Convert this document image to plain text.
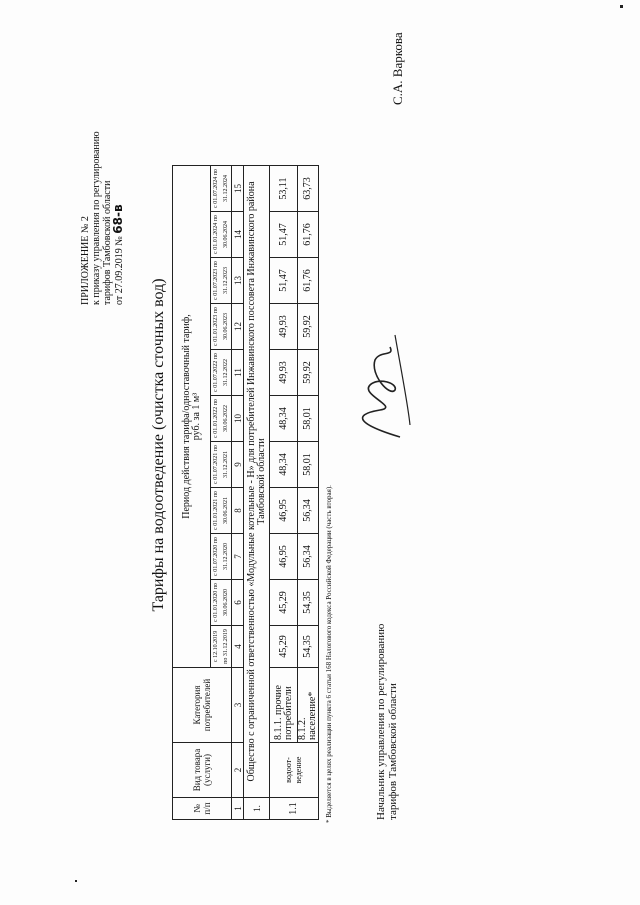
ПРИЛОЖЕНИЕ № 2 к приказу управления по регулированию тарифов Тамбовской области от 27.09.2019 № 68-в
Тарифы на водоотведение (очистка сточных вод)
№ п/п	Вид товара (услуги)	Категория потребителей	Период действия тарифа/одноставочный тариф, руб. за 1 м³										

			с 12.10.2019 по 31.12.2019	с 01.01.2020 по 30.06.2020	с 01.07.2020 по 31.12.2020	с 01.01.2021 по 30.06.2021	с 01.07.2021 по 31.12.2021	с 01.01.2022 по 30.06.2022	с 01.07.2022 по 31.12.2022	с 01.01.2023 по 30.06.2023	с 01.07.2023 по 31.12.2023	с 01.01.2024 по 30.06.2024	с 01.07.2024 по 31.12.2024
1	2	3	4	6	7	8	9	10	11	12	13	14	15
1.	Общество с ограниченной ответственностью «Модульные котельные - Н» для потребителей Инжавинского поссовета Инжавинского района Тамбовской области												
1.1	водоот- ведение	8.1.1. прочие потребители	45,29	45,29	46,95	46,95	48,34	48,34	49,93	49,93	51,47	51,47	53,11
		8.1.2. население*	54,35	54,35	56,34	56,34	58,01	58,01	59,92	59,92	61,76	61,76	63,73
* Выделяется в целях реализации пункта 6 статьи 168 Налогового кодекса Российской Федерации (часть вторая).	Начальник управления по регулированию тарифов Тамбовской области
С.А. Варкова
